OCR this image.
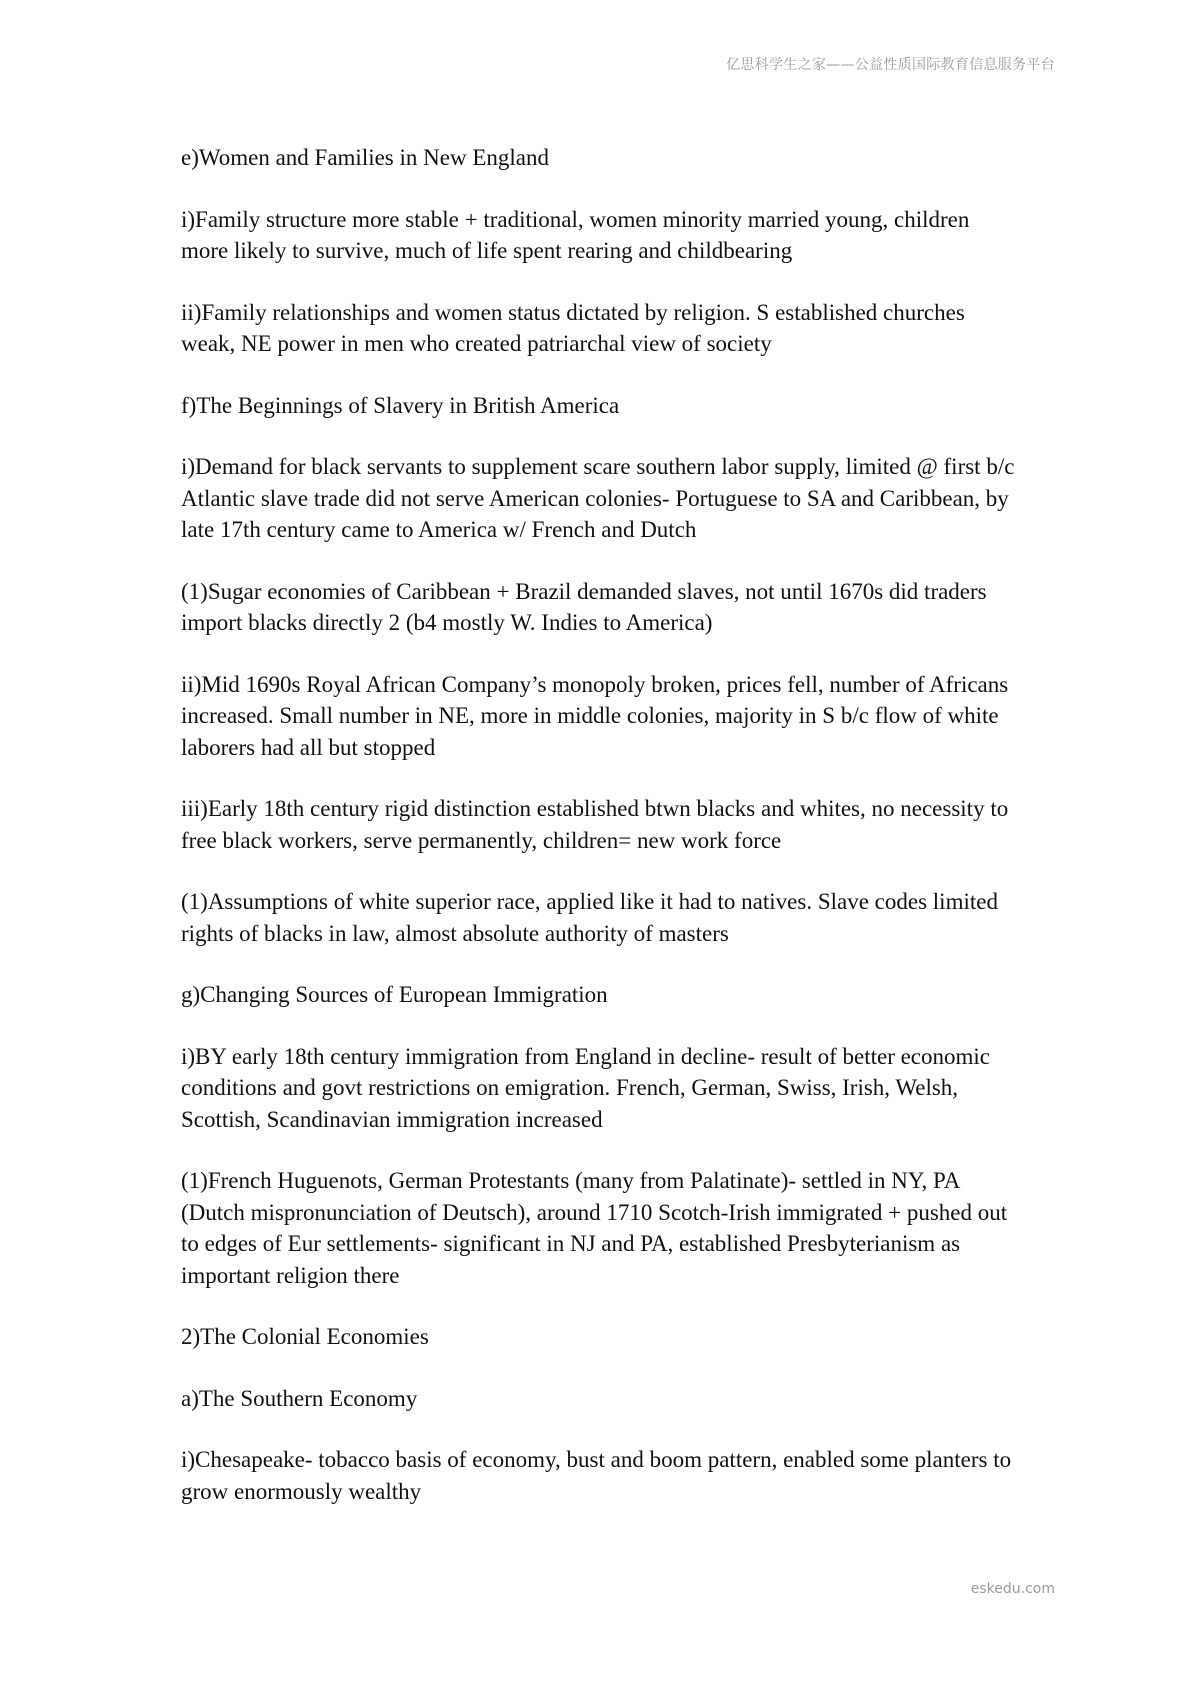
亿思科学生之家——公益性质国际教育信息服务平台

e)Women and Families in New England

i)Family structure more stable + traditional, women minority married young, children more likely to survive, much of life spent rearing and childbearing

ii)Family relationships and women status dictated by religion. S established churches weak, NE power in men who created patriarchal view of society

f)The Beginnings of Slavery in British America

i)Demand for black servants to supplement scare southern labor supply, limited @ first b/c Atlantic slave trade did not serve American colonies- Portuguese to SA and Caribbean, by late 17th century came to America w/ French and Dutch

(1)Sugar economies of Caribbean + Brazil demanded slaves, not until 1670s did traders import blacks directly 2 (b4 mostly W. Indies to America)

ii)Mid 1690s Royal African Company’s monopoly broken, prices fell, number of Africans increased. Small number in NE, more in middle colonies, majority in S b/c flow of white laborers had all but stopped

iii)Early 18th century rigid distinction established btwn blacks and whites, no necessity to free black workers, serve permanently, children= new work force

(1)Assumptions of white superior race, applied like it had to natives. Slave codes limited rights of blacks in law, almost absolute authority of masters

g)Changing Sources of European Immigration

i)BY early 18th century immigration from England in decline- result of better economic conditions and govt restrictions on emigration. French, German, Swiss, Irish, Welsh, Scottish, Scandinavian immigration increased

(1)French Huguenots, German Protestants (many from Palatinate)- settled in NY, PA (Dutch mispronunciation of Deutsch), around 1710 Scotch-Irish immigrated + pushed out to edges of Eur settlements- significant in NJ and PA, established Presbyterianism as important religion there

2)The Colonial Economies

a)The Southern Economy

i)Chesapeake- tobacco basis of economy, bust and boom pattern, enabled some planters to grow enormously wealthy

eskedu.com
